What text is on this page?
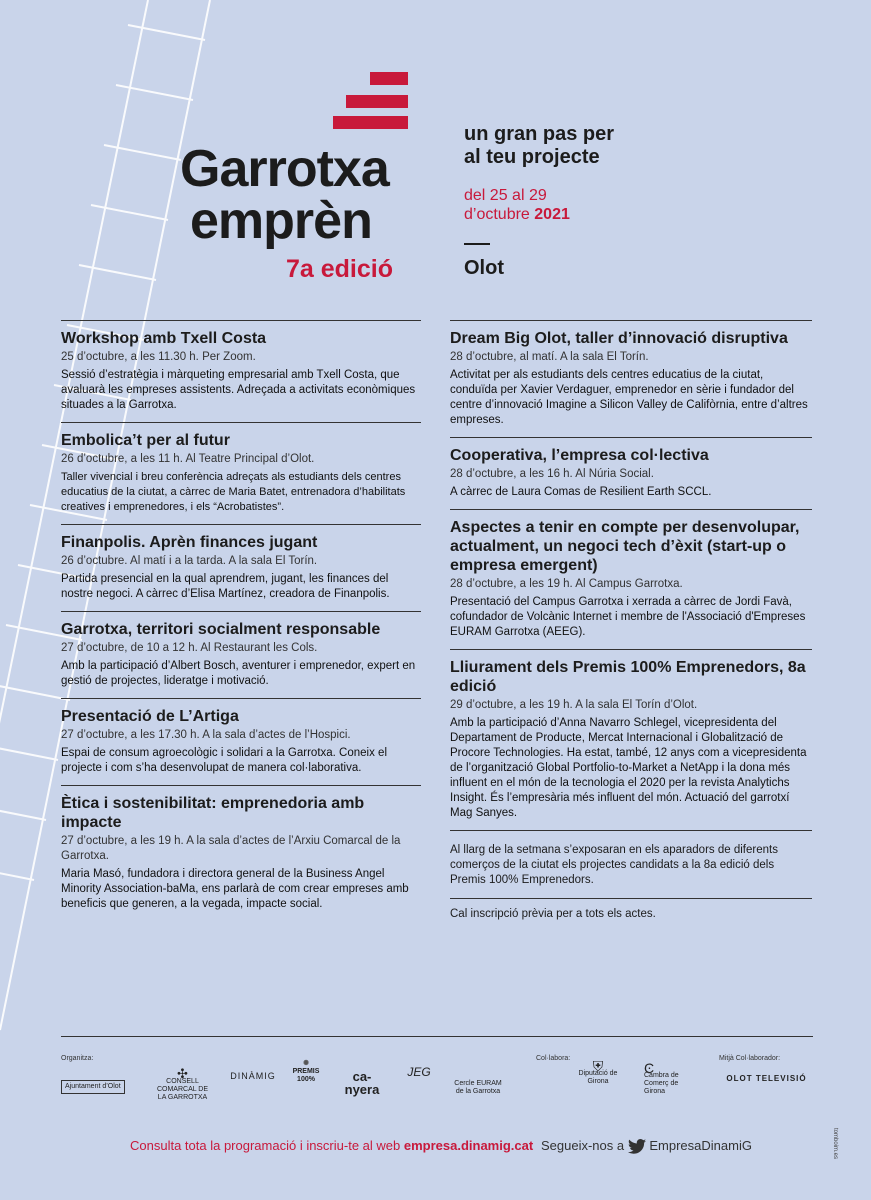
Garrotxa

emprèn
7a edició
un gran pas per
al teu projecte
del 25 al 29
d’octubre 2021
Olot
Workshop amb Txell Costa
25 d’octubre, a les 11.30 h. Per Zoom.
Sessió d’estratègia i màrqueting empresarial amb Txell Costa, que avaluarà les empreses assistents. Adreçada a activitats econòmiques situades a la Garrotxa.
Embolica’t per al futur
26 d’octubre, a les 11 h. Al Teatre Principal d’Olot.
Taller vivencial i breu conferència adreçats als estudiants dels centres educatius de la ciutat, a càrrec de Maria Batet, entrenadora d’habilitats creatives i emprenedores, i els “Acrobatistes”.
Finanpolis. Aprèn finances jugant
26 d’octubre. Al matí i a la tarda. A la sala El Torín.
Partida presencial en la qual aprendrem, jugant, les finances del nostre negoci. A càrrec d’Elisa Martínez, creadora de Finanpolis.
Garrotxa, territori socialment responsable
27 d’octubre, de 10 a 12 h. Al Restaurant les Cols.
Amb la participació d’Albert Bosch, aventurer i emprenedor, expert en gestió de projectes, lideratge i motivació.
Presentació de L’Artiga
27 d’octubre, a les 17.30 h. A la sala d’actes de l’Hospici.
Espai de consum agroecològic i solidari a la Garrotxa. Coneix el projecte i com s’ha desenvolupat de manera col·laborativa.
Ètica i sostenibilitat: emprenedoria amb impacte
27 d’octubre, a les 19 h. A la sala d’actes de l’Arxiu Comarcal de la Garrotxa.
Maria Masó, fundadora i directora general de la Business Angel Minority Association-baMa, ens parlarà de com crear empreses amb beneficis que generen, a la vegada, impacte social.
Dream Big Olot, taller d’innovació disruptiva
28 d’octubre, al matí. A la sala El Torín.
Activitat per als estudiants dels centres educatius de la ciutat, conduïda per Xavier Verdaguer, emprenedor en sèrie i fundador del centre d’innovació Imagine a Silicon Valley de Califòrnia, entre d’altres empreses.
Cooperativa, l’empresa col·lectiva
28 d’octubre, a les 16 h. Al Núria Social.
A càrrec de Laura Comas de Resilient Earth SCCL.
Aspectes a tenir en compte per desenvolupar, actualment, un negoci tech d’èxit (start-up o empresa emergent)
28 d’octubre, a les 19 h. Al Campus Garrotxa.
Presentació del Campus Garrotxa i xerrada a càrrec de Jordi Favà, cofundador de Volcànic Internet i membre de l'Associació d'Empreses EURAM Garrotxa (AEEG).
Lliurament dels Premis 100% Emprenedors, 8a edició
29 d’octubre, a les 19 h. A la sala El Torín d’Olot.
Amb la participació d’Anna Navarro Schlegel, vicepresidenta del Departament de Producte, Mercat Internacional i Globalització de Procore Technologies. Ha estat, també, 12 anys com a vicepresidenta de l’organització Global Portfolio-to-Market a NetApp i la dona més influent en el món de la tecnologia el 2020 per la revista Analytichs Insight. És l’empresària més influent del món. Actuació del garrotxí Mag Sanyes.
Al llarg de la setmana s’exposaran en els aparadors de diferents comerços de la ciutat els projectes candidats a la 8a edició dels Premis 100% Emprenedors.
Cal inscripció prèvia per a tots els actes.
Organitza:	Col·labora:	Mitjà Col·laborador:
Ajuntament d’Olot
✣
CONSELL COMARCAL DE LA GARROTXA
DINÀMIG
✺
PREMIS 100%	ca-nyera
JEG
Cercle EURAM de la Garrotxa
⛨
Diputació de Girona
Ͼ
Cambra de Comerç de Girona
OLOT TELEVISIÓ
Consulta tota la programació i inscriu-te al web empresa.dinamig.cat Segueix-nos a EmpresaDinamiG	tomboim.es
